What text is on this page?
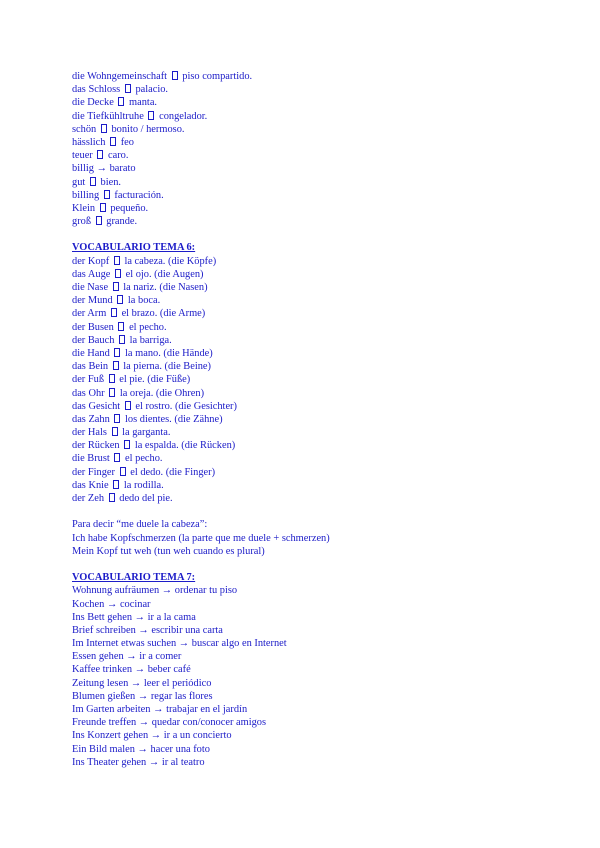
die Wohngemeinschaft piso compartido.
das Schloss palacio.
die Decke manta.
die Tiefkühltruhe congelador.
schön bonito / hermoso.
hässlich feo
teuer caro.
billig → barato
gut bien.
billing facturación.
Klein pequeño.
groß grande.
VOCABULARIO TEMA 6:
der Kopf la cabeza. (die Köpfe)
das Auge el ojo. (die Augen)
die Nase la nariz. (die Nasen)
der Mund la boca.
der Arm el brazo. (die Arme)
der Busen el pecho.
der Bauch la barriga.
die Hand la mano. (die Hände)
das Bein la pierna. (die Beine)
der Fuß el pie. (die Füße)
das Ohr la oreja. (die Ohren)
das Gesicht el rostro. (die Gesichter)
das Zahn los dientes. (die Zähne)
der Hals la garganta.
der Rücken la espalda. (die Rücken)
die Brust el pecho.
der Finger el dedo. (die Finger)
das Knie la rodilla.
der Zeh dedo del pie.
Para decir “me duele la cabeza”:
Ich habe Kopfschmerzen (la parte que me duele + schmerzen)
Mein Kopf tut weh (tun weh cuando es plural)
VOCABULARIO TEMA 7:
Wohnung aufräumen → ordenar tu piso
Kochen → cocinar
Ins Bett gehen → ir a la cama
Brief schreiben → escribir una carta
Im Internet etwas suchen → buscar algo en Internet
Essen gehen → ir a comer
Kaffee trinken → beber café
Zeitung lesen → leer el periódico
Blumen gießen → regar las flores
Im Garten arbeiten → trabajar en el jardín
Freunde treffen → quedar con/conocer amigos
Ins Konzert gehen → ir a un concierto
Ein Bild malen → hacer una foto
Ins Theater gehen → ir al teatro
